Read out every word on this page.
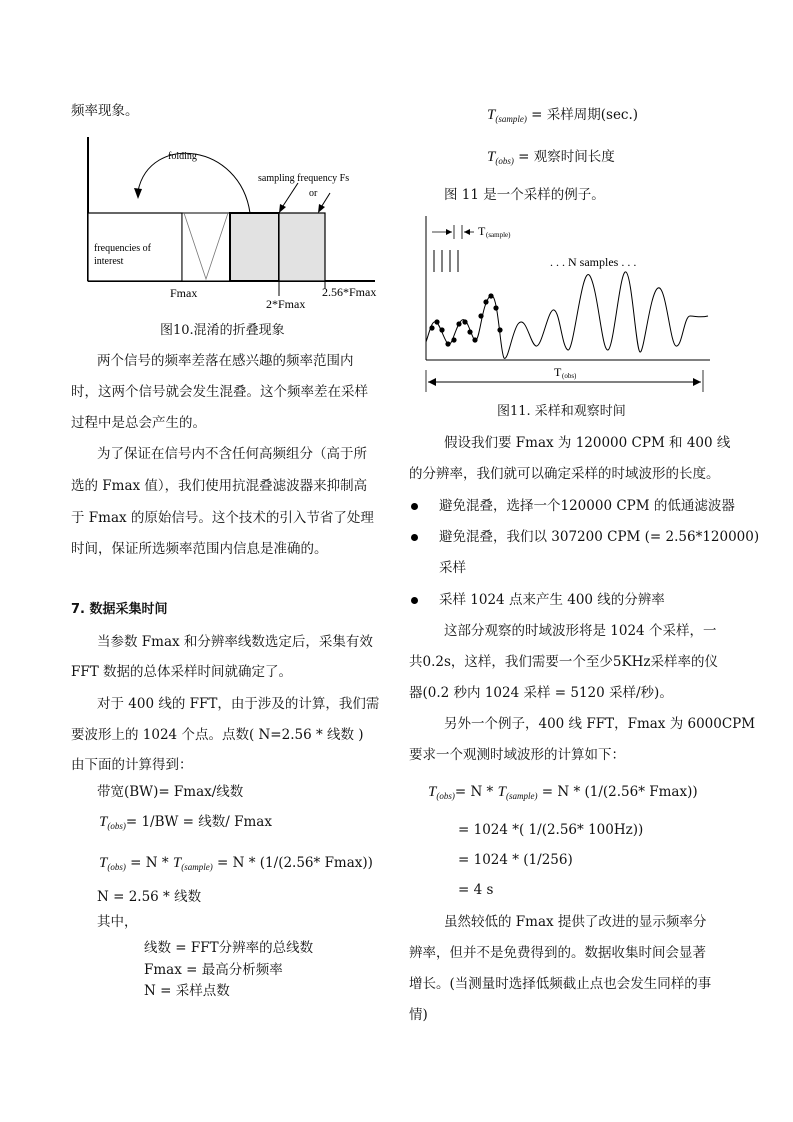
频率现象。
folding
sampling frequency Fs
or
frequencies of
interest
Fmax
2*Fmax
2.56*Fmax
图10.混淆的折叠现象
两个信号的频率差落在感兴趣的频率范围内
时，这两个信号就会发生混叠。这个频率差在采样
过程中是总会产生的。
为了保证在信号内不含任何高频组分（高于所
选的 Fmax 值），我们使用抗混叠滤波器来抑制高
于 Fmax 的原始信号。这个技术的引入节省了处理
时间，保证所选频率范围内信息是准确的。
7. 数据采集时间
当参数 Fmax 和分辨率线数选定后，采集有效
FFT 数据的总体采样时间就确定了。
对于 400 线的 FFT，由于涉及的计算，我们需
要波形上的 1024 个点。点数( N=2.56 * 线数 )
由下面的计算得到：
带宽(BW)= Fmax/线数
$T_{(obs)}= 1/BW$ = 线数/ Fmax
$T_{(obs)} = N * T_{(sample)} = N * (1/(2.56*$ Fmax))
N = 2.56 * 线数
其中，
线数 = FFT分辨率的总线数
Fmax = 最高分析频率
N = 采样点数
$T_{(sample)}$ = 采样周期(sec.)
$T_{(obs)}$ = 观察时间长度
图 11 是一个采样的例子。
T (sample)
. . . N samples . . .
T (obs)
图11. 采样和观察时间
假设我们要 Fmax 为 120000 CPM 和 400 线
的分辨率，我们就可以确定采样的时域波形的长度。
避免混叠，选择一个120000 CPM 的低通滤波器
避免混叠，我们以 307200 CPM (= 2.56*120000)
采样
采样 1024 点来产生 400 线的分辨率
这部分观察的时域波形将是 1024 个采样，一
共0.2s，这样，我们需要一个至少5KHz采样率的仪
器(0.2 秒内 1024 采样 = 5120 采样/秒)。
另外一个例子，400 线 FFT，Fmax 为 6000CPM
要求一个观测时域波形的计算如下：
$T_{(obs)}= N * T_{(sample)} = N * (1/(2.56*$ Fmax))
= 1024 *( 1/(2.56* 100Hz))
= 1024 * (1/256)
= 4 s
虽然较低的 Fmax 提供了改进的显示频率分
辨率，但并不是免费得到的。数据收集时间会显著
增长。(当测量时选择低频截止点也会发生同样的事
情)
